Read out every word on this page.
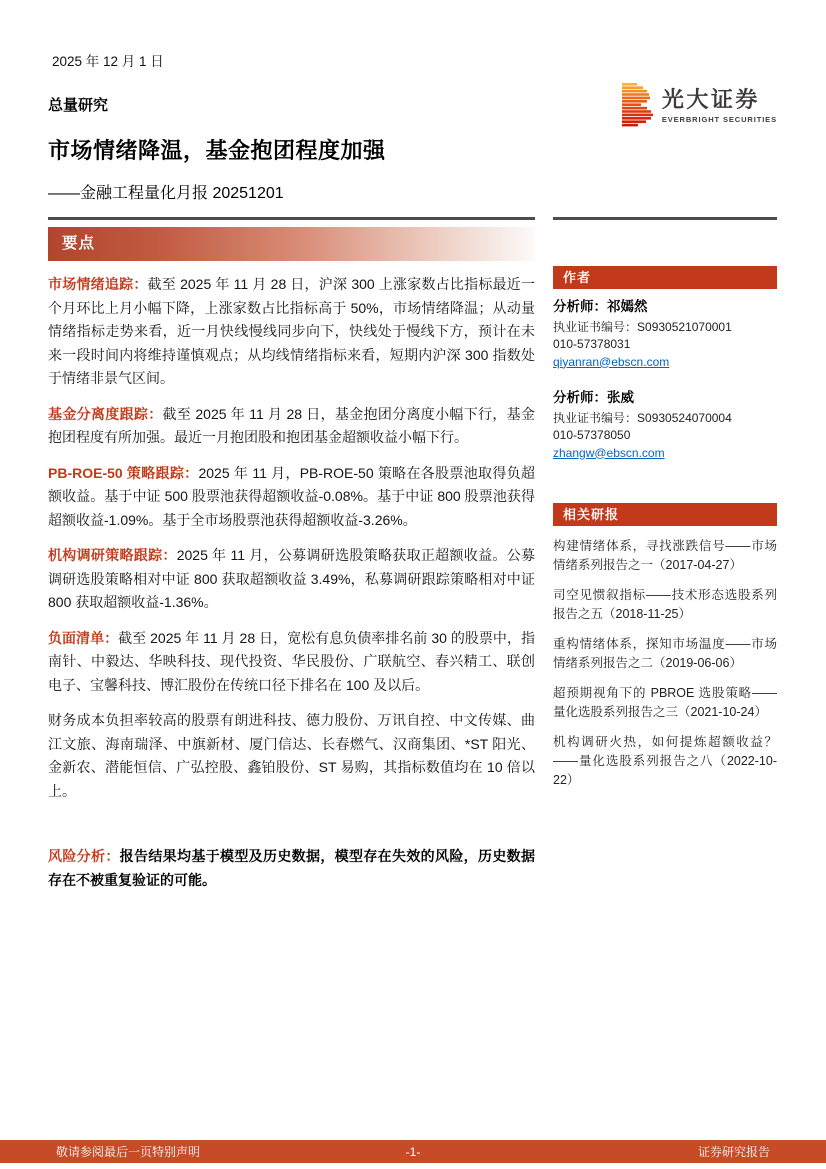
2025 年 12 月 1 日
光大证券
EVERBRIGHT SECURITIES
总量研究
市场情绪降温，基金抱团程度加强
——金融工程量化月报 20251201
要点

市场情绪追踪：截至 2025 年 11 月 28 日，沪深 300 上涨家数占比指标最近一个月环比上月小幅下降，上涨家数占比指标高于 50%，市场情绪降温；从动量情绪指标走势来看，近一月快线慢线同步向下，快线处于慢线下方，预计在未来一段时间内将维持谨慎观点；从均线情绪指标来看，短期内沪深 300 指数处于情绪非景气区间。

基金分离度跟踪：截至 2025 年 11 月 28 日，基金抱团分离度小幅下行，基金抱团程度有所加强。最近一月抱团股和抱团基金超额收益小幅下行。

PB-ROE-50 策略跟踪：2025 年 11 月，PB-ROE-50 策略在各股票池取得负超额收益。基于中证 500 股票池获得超额收益-0.08%。基于中证 800 股票池获得超额收益-1.09%。基于全市场股票池获得超额收益-3.26%。

机构调研策略跟踪：2025 年 11 月，公募调研选股策略获取正超额收益。公募调研选股策略相对中证 800 获取超额收益 3.49%，私募调研跟踪策略相对中证 800 获取超额收益-1.36%。

负面清单：截至 2025 年 11 月 28 日，宽松有息负债率排名前 30 的股票中，指南针、中毅达、华映科技、现代投资、华民股份、广联航空、春兴精工、联创电子、宝馨科技、博汇股份在传统口径下排名在 100 及以后。

财务成本负担率较高的股票有朗进科技、德力股份、万讯自控、中文传媒、曲江文旅、海南瑞泽、中旗新材、厦门信达、长春燃气、汉商集团、*ST 阳光、金新农、潜能恒信、广弘控股、鑫铂股份、ST 易购，其指标数值均在 10 倍以上。

风险分析：报告结果均基于模型及历史数据，模型存在失效的风险，历史数据存在不被重复验证的可能。

作者
分析师：祁嫣然
执业证书编号：S0930521070001
010-57378031
qiyanran@ebscn.com
分析师：张威
执业证书编号：S0930524070004
010-57378050
zhangw@ebscn.com
相关研报
构建情绪体系，寻找涨跌信号——市场情绪系列报告之一（2017-04-27）
司空见惯叙指标——技术形态选股系列报告之五（2018-11-25）
重构情绪体系，探知市场温度——市场情绪系列报告之二（2019-06-06）
超预期视角下的 PBROE 选股策略——量化选股系列报告之三（2021-10-24）
机构调研火热，如何提炼超额收益？——量化选股系列报告之八（2022-10-22）
敬请参阅最后一页特别声明	-1-	证券研究报告
